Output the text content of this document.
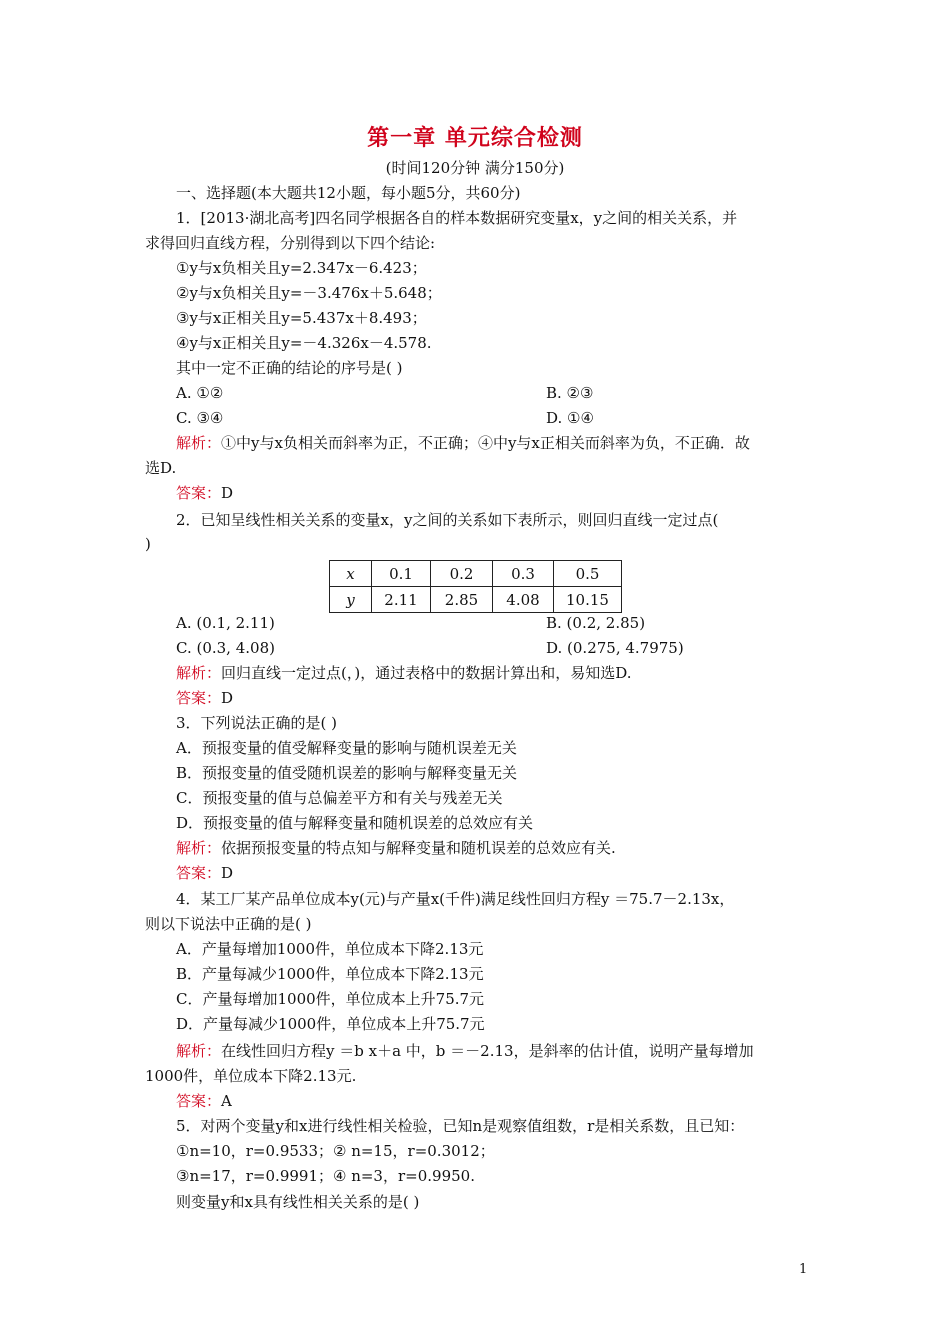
第一章 单元综合检测
(时间120分钟 满分150分)
一、选择题(本大题共12小题，每小题5分，共60分)
1．[2013·湖北高考]四名同学根据各自的样本数据研究变量x，y之间的相关关系，并
求得回归直线方程，分别得到以下四个结论:
①y与x负相关且y=2.347x－6.423；
②y与x负相关且y=－3.476x＋5.648；
③y与x正相关且y=5.437x＋8.493；
④y与x正相关且y=－4.326x－4.578.
其中一定不正确的结论的序号是( )
A. ①②	B. ②③
C. ③④	D. ①④
解析：①中y与x负相关而斜率为正，不正确；④中y与x正相关而斜率为负，不正确．故
选D.
答案：D
2．已知呈线性相关关系的变量x，y之间的关系如下表所示，则回归直线一定过点(
)
x	0.1	0.2	0.3	0.5
y	2.11	2.85	4.08	10.15
A. (0.1, 2.11)	B. (0.2, 2.85)
C. (0.3, 4.08)	D. (0.275, 4.7975)
解析：回归直线一定过点(，)，通过表格中的数据计算出和，易知选D.
答案：D
3．下列说法正确的是( )
A．预报变量的值受解释变量的影响与随机误差无关
B．预报变量的值受随机误差的影响与解释变量无关
C．预报变量的值与总偏差平方和有关与残差无关
D．预报变量的值与解释变量和随机误差的总效应有关
解析：依据预报变量的特点知与解释变量和随机误差的总效应有关.
答案：D
4．某工厂某产品单位成本y(元)与产量x(千件)满足线性回归方程y ＝75.7－2.13x，
则以下说法中正确的是( )
A．产量每增加1000件，单位成本下降2.13元
B．产量每减少1000件，单位成本下降2.13元
C．产量每增加1000件，单位成本上升75.7元
D．产量每减少1000件，单位成本上升75.7元
解析：在线性回归方程y ＝b x＋a 中，b ＝－2.13，是斜率的估计值，说明产量每增加
1000件，单位成本下降2.13元.
答案：A
5．对两个变量y和x进行线性相关检验，已知n是观察值组数，r是相关系数，且已知：
①n=10，r=0.9533；② n=15，r=0.3012；
③n=17，r=0.9991；④ n=3，r=0.9950.
则变量y和x具有线性相关关系的是( )
1
